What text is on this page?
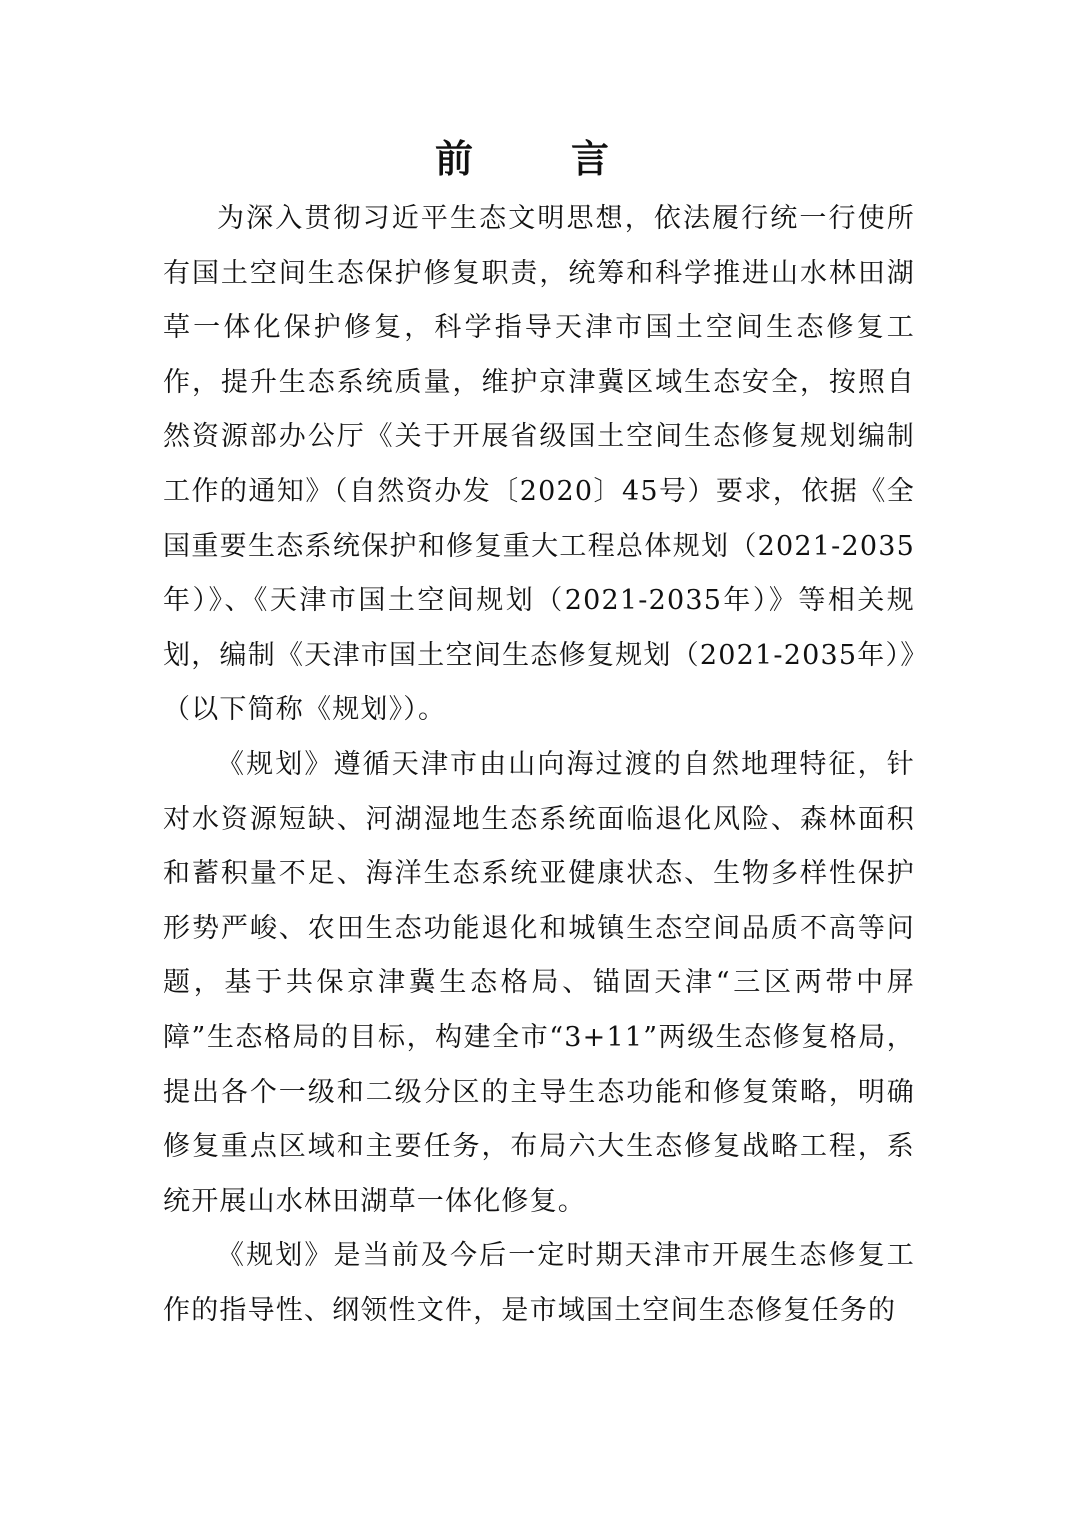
前　言

为深入贯彻习近平生态文明思想，依法履行统一行使所有国土空间生态保护修复职责，统筹和科学推进山水林田湖草一体化保护修复，科学指导天津市国土空间生态修复工作，提升生态系统质量，维护京津冀区域生态安全，按照自然资源部办公厅《关于开展省级国土空间生态修复规划编制工作的通知》（自然资办发〔2020〕45号）要求，依据《全国重要生态系统保护和修复重大工程总体规划（2021-2035年）》、《天津市国土空间规划（2021-2035年）》等相关规划，编制《天津市国土空间生态修复规划（2021-2035年）》（以下简称《规划》）。

《规划》遵循天津市由山向海过渡的自然地理特征，针对水资源短缺、河湖湿地生态系统面临退化风险、森林面积和蓄积量不足、海洋生态系统亚健康状态、生物多样性保护形势严峻、农田生态功能退化和城镇生态空间品质不高等问题，基于共保京津冀生态格局、锚固天津“三区两带中屏障”生态格局的目标，构建全市“3+11”两级生态修复格局，提出各个一级和二级分区的主导生态功能和修复策略，明确修复重点区域和主要任务，布局六大生态修复战略工程，系统开展山水林田湖草一体化修复。

《规划》是当前及今后一定时期天津市开展生态修复工作的指导性、纲领性文件，是市域国土空间生态修复任务的
